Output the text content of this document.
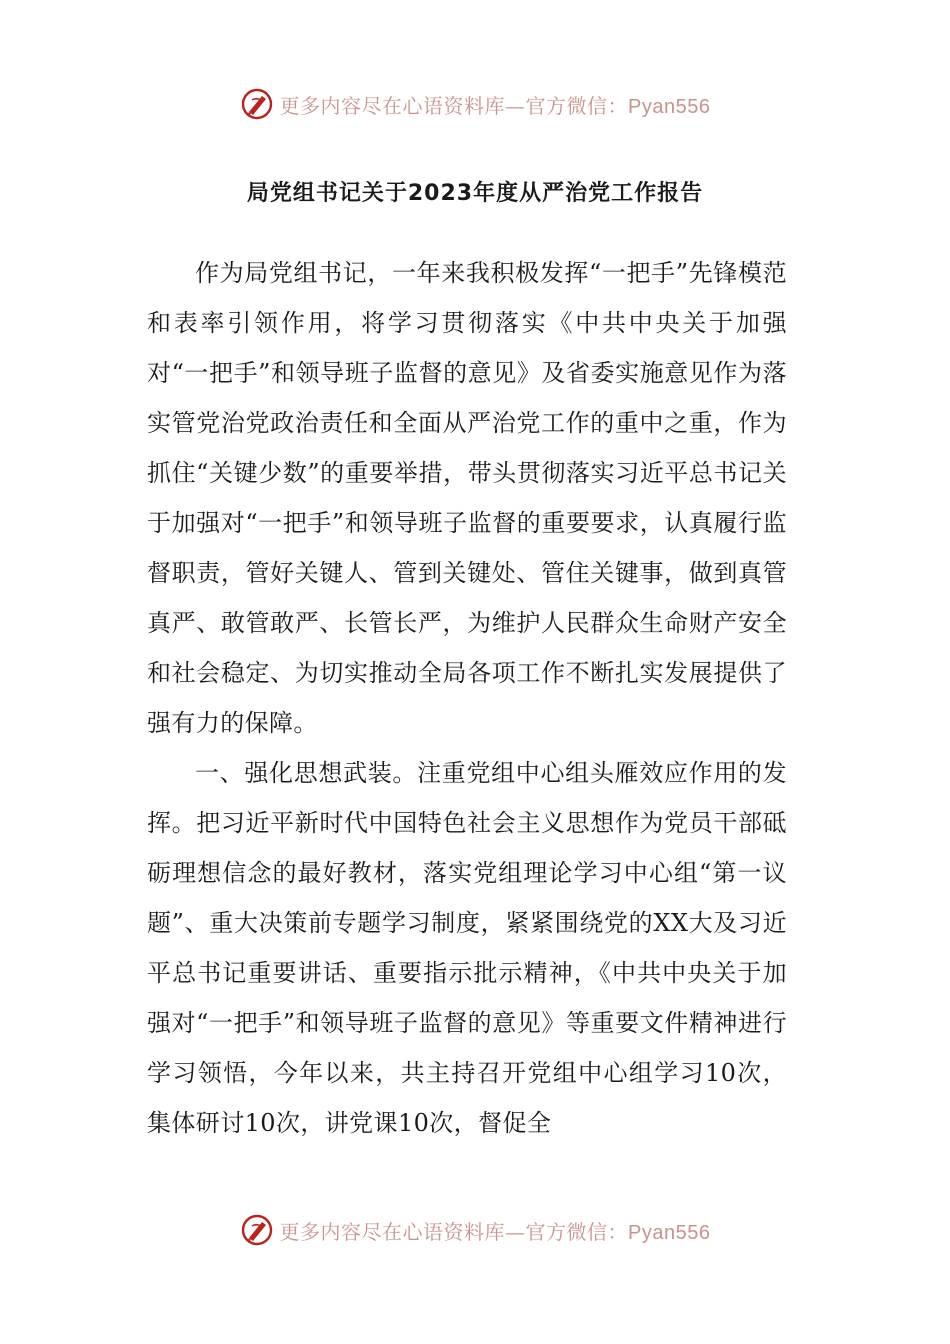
更多内容尽在心语资料库—官方微信：Pyan556
局党组书记关于2023年度从严治党工作报告

作为局党组书记，一年来我积极发挥“一把手”先锋模范和表率引领作用，将学习贯彻落实《中共中央关于加强对“一把手”和领导班子监督的意见》及省委实施意见作为落实管党治党政治责任和全面从严治党工作的重中之重，作为抓住“关键少数”的重要举措，带头贯彻落实习近平总书记关于加强对“一把手”和领导班子监督的重要要求，认真履行监督职责，管好关键人、管到关键处、管住关键事，做到真管真严、敢管敢严、长管长严，为维护人民群众生命财产安全和社会稳定、为切实推动全局各项工作不断扎实发展提供了强有力的保障。

一、强化思想武装。注重党组中心组头雁效应作用的发挥。把习近平新时代中国特色社会主义思想作为党员干部砥砺理想信念的最好教材，落实党组理论学习中心组“第一议题”、重大决策前专题学习制度，紧紧围绕党的XX大及习近平总书记重要讲话、重要指示批示精神，《中共中央关于加强对“一把手”和领导班子监督的意见》等重要文件精神进行学习领悟，今年以来，共主持召开党组中心组学习10次，集体研讨10次，讲党课10次，督促全

更多内容尽在心语资料库—官方微信：Pyan556
